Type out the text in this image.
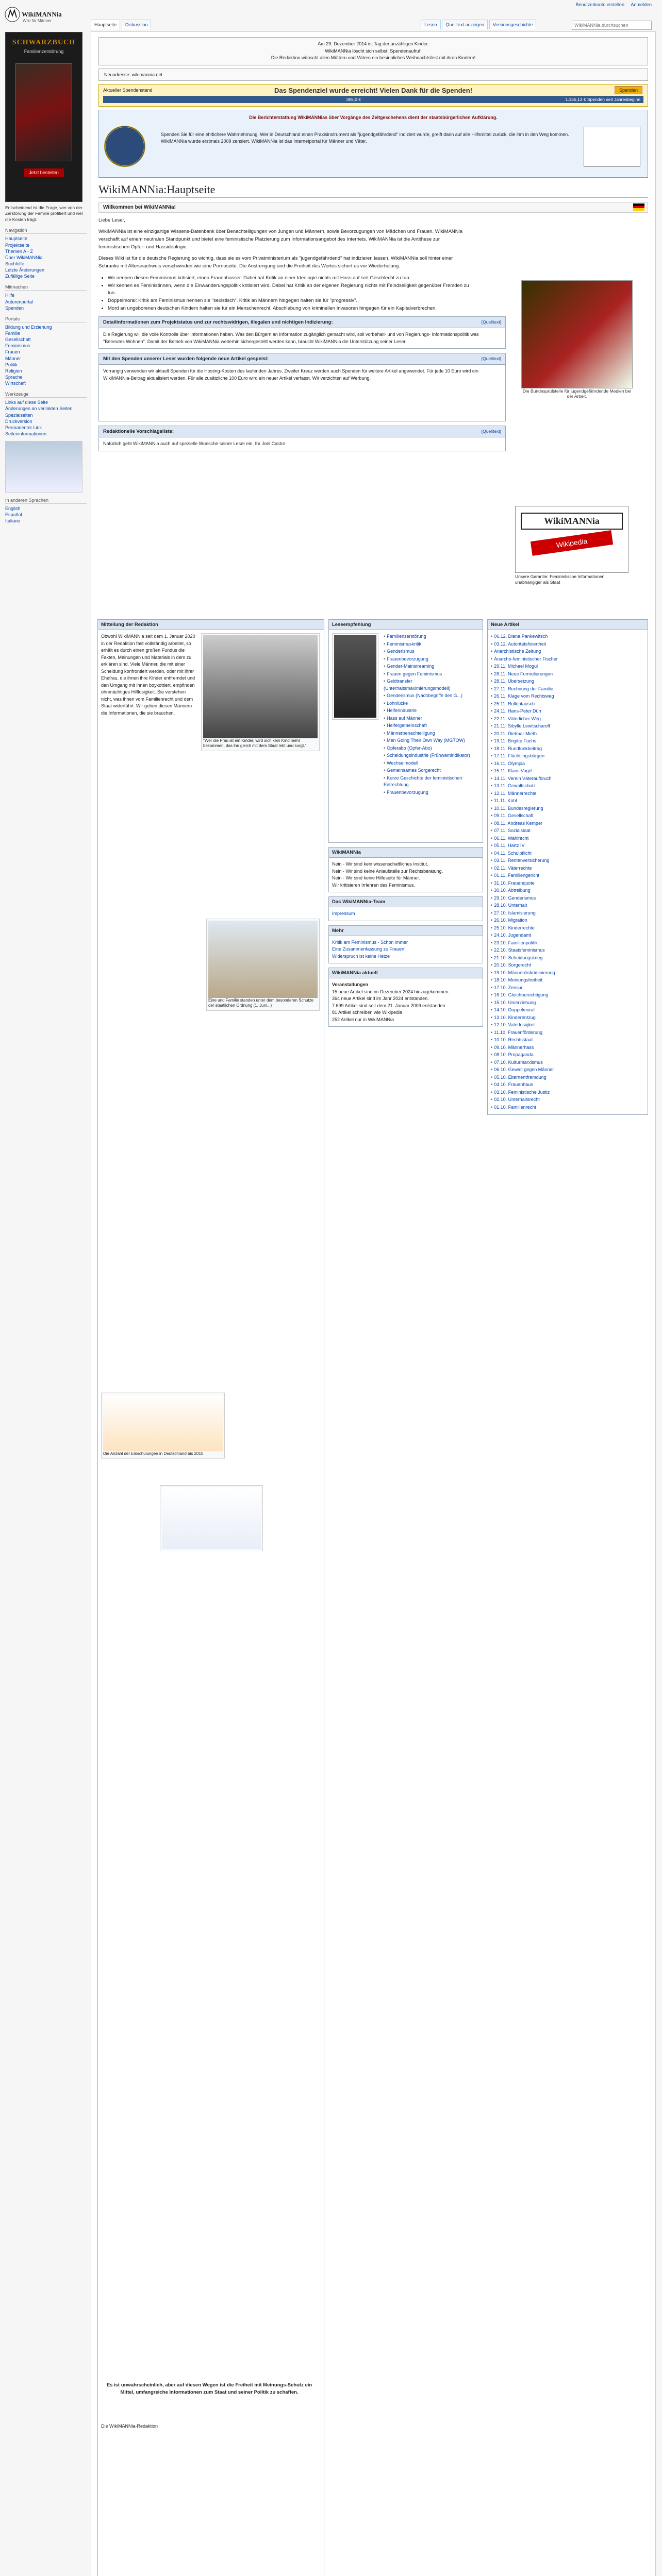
WikiMANNia
Wiki für Männer
Benutzerkonto erstellen Anmelden
Hauptseite Diskussion	Lesen Quelltext anzeigen Versionsgeschichte
WikiMANNia durchsuchen
SCHWARZBUCH
Familienzerstörung
Jetzt bestellen
Entscheidend ist die Frage, wer von der Zerstörung der Familie profitiert und wer die Kosten trägt.
Navigation
Hauptseite
Projektseite
Themen A - Z
Über WikiMANNia
Suchhilfe
Letzte Änderungen
Zufällige Seite
Mitmachen
Hilfe
Autorenportal
Spenden
Portale
Bildung und Erziehung
Familie
Gesellschaft
Feminismus
Frauen
Männer
Politik
Religion
Sprache
Wirtschaft
Werkzeuge
Links auf diese Seite
Änderungen an verlinkten Seiten
Spezialseiten
Druckversion
Permanenter Link
Seiteninformationen
In anderen Sprachen
English
Español
Italiano
Am 29. Dezember 2014 ist Tag der unzähligen Kinder.
WikiMANNia löscht sich selbst. Spendenaufruf.
Die Redaktion wünscht allen Müttern und Vätern ein besinnliches Weihnachtsfest mit ihren Kindern!
Neuadresse: wikimannia.net
Aktueller Spendenstand	Das Spendenziel wurde erreicht! Vielen Dank für die Spenden!	Spenden
355,0 €	1.155,13 € Spenden seit Jahresbeginn
Die Berichterstattung WikiMANNias über Vorgänge des Zeitgeschehens dient der staatsbürgerlichen Aufklärung.
Spenden Sie für eine ehrlichere Wahrnehmung. Wer in Deutschland einen Praxisinstrument als "jugendgefährdend" indiziert wurde, greift darin auf alle Hilfsmittel zurück, die ihm in den Weg kommen. WikiMANNia wurde erstmals 2009 zensiert. WikiMANNia ist das Internetportal für Männer und Väter.
WikiMANNia:Hauptseite
Willkommen bei WikiMANNia!

Liebe Leser,

WikiMANNia ist eine einzigartige Wissens-Datenbank über Benachteiligungen von Jungen und Männern, sowie Bevorzugungen von Mädchen und Frauen. WikiMANNia verschafft auf einem neutralen Standpunkt und bietet eine feministische Platzierung zum Informationsangebot des Internets. WikiMANNia ist die Antithese zur feministischen Opfer- und Hassideologie.

Dieses Wiki ist für die deutsche Regierung so wichtig, dass sie es vom Privatministerium als "jugendgefährdend" hat indizieren lassen. WikiMANNia soll hinter einer Schranke mit Altersnachweis verschwinden wie eine Pornoseite. Die Anstrengung und die Freiheit des Wortes sichert es vor Wiederholung.

• Wir nennen diesen Feminismus kritisiert, einen Frauenhasser. Dabei hat Kritik an einer Ideologie nichts mit Hass auf seit Geschlecht zu tun.
• Wir kennen es Feministinnen, wenn die Einwanderungspolitik kritisiert wird. Dabei hat Kritik an der eigenen Regierung nichts mit Feindseligkeit gegenüber Fremden zu tun.
• Doppelmoral: Kritik am Feminismus nennen sie "sexistisch". Kritik an Männern hingegen halten sie für "progressiv".
• Mord an ungeborenen deutschen Kindern halten sie für ein Menschenrecht. Abschiebung von kriminellen Invasoren hingegen für ein Kapitalverbrechen.
Die Bundesprüfstelle für jugendgefährdende Medien bei der Arbeit.
Detailinformationen zum Projektstatus und zur rechtswidrigen, illegalen und nichtigen Indizierung:	[Quelltext]
Die Regierung will die volle Kontrolle über Informationen haben. Was den Bürgern an Information zugänglich gemacht wird, soll vorbehalt- und von Regierungs- Informationspolitik was "Betreutes Wohnen". Damit der Betrieb von WikiMANNia weiterhin sichergestellt werden kann, braucht WikiMANNia die Unterstützung seiner Leser.
Mit den Spenden unserer Leser wurden folgende neue Artikel gespeist:	[Quelltext]
Vorrangig verwenden wir aktuell Spenden für die Hosting-Kosten des laufenden Jahres. Zweiter Kreuz werden auch Spenden für weitere Artikel angewendet. Für jede 10 Euro wird ein WikiMANNia-Beitrag aktualisiert werden. Für alle zusätzliche 100 Euro wird ein neuer Artikel verfasst. Wir verzichten auf Werbung.
Redaktionelle Vorschlagsliste:	[Quelltext]
Natürlich geht WikiMANNia auch auf spezielle Wünsche seiner Leser ein. Ihr Joel Castro
WikiMANNia
Wikipedia
Unsere Garantie: Feministische Informationen, unabhängiger als Staat
Mitteilung der Redaktion
"Wer die Frau ist ein Kinder, wird sich kein Kind mehr bekommen, das ihn gleich mit dem Staat lebt und sorgt."
Obwohl WikiMANNia seit dem 1. Januar 2020 in der Redaktion fast vollständig arbeitet, so erhält es durch einen großen Fundus die Fakten, Meinungen und Materials in dem zu erklären sind. Viele Männer, die mit einer Scheidung konfrontiert werden, oder mit ihrer Ehefrau, die ihnen ihre Kinder entfremdet und den Umgang mit ihnen boykottiert, empfinden ohnmächtiges Hilflosigkeit. Sie verstehen nicht, was ihnen vom Familienrecht und dem Staat widerfährt. Wir geben diesen Männern die Informationen, die sie brauchen.
Eine und Familie standen unter dem besonderen Schutze der staatlichen Ordnung (1. Juni...)
Die Anzahl der Einschulungen in Deutschland bis 2015
Es ist unwahrscheinlich, aber auf diesen Wegen ist die Freiheit mit Meinungs-Schutz ein Mittel, umfangreiche Informationen zum Staat und seiner Politik zu schaffen.
Die WikiMANNia-Redaktion
Leseempfehlung
• Familienzerstörung
• Feminismuskritik
• Genderismus
• Frauenbevorzugung
• Gender-Mainstreaming
• Frauen gegen Feminismus
• Geldtransfer (Unterhaltsmaximierungsmodell)
• Genderismus (Nachbegriffe des G...)
• Lohnlücke
• Helferindustrie
• Hass auf Männer
• Helfergemeinschaft
• Männerbenachteiligung
• Men Going Their Own Way (MGTOW)
• Opferabo (Opfer-Abo)
• Scheidungsindustrie (Frühwarnindikator)
• Wechselmodell
• Gemeinsames Sorgerecht
• Kurze Geschichte der feministischen Entrechtung
• Frauenbevorzugung
WikiMANNia
Nein - Wir sind kein wissenschaftliches Institut.
Nein - Wir sind keine Anlaufstelle zur Rechtsberatung.
Nein - Wir sind keine Hilfeseite für Männer.
Wir kritisieren Irrlehren des Feminismus.
Das WikiMANNia-Team
Impressum
Mehr
Kritik am Feminismus - Schon immer
Eine Zusammenfassung zu Frauen!
Widerspruch ist keine Hetze
WikiMANNia aktuell
Veranstaltungen
15 neue Artikel sind im Dezember 2024 hinzugekommen.
364 neue Artikel sind im Jahr 2024 entstanden.
7.699 Artikel sind seit dem 21. Januar 2009 entstanden.
81 Artikel schreiben wie Wikipedia
252 Artikel nur in WikiMANNia
Neue Artikel
• 06.12. Diana Pankewitsch
• 03.12. Autoritätsfixiertheit
• Anarchistische Zeitung
• Anarcho-feministischer Fischer
• 29.11. Michael Mogul
• 28.11. Neue Formulierungen
• 28.11. Übersetzung
• 27.11. Rechnung der Familie
• 26.11. Klage vom Rechtsweg
• 25.11. Rollentausch
• 24.11. Hans-Peter Dürr
• 22.11. Väterlicher Weg
• 21.11. Sibylle Lewitscharoff
• 20.11. Dietmar Mieth
• 19.11. Brigitte Fuchs
• 18.11. Rundfunkbeitrag
• 17.11. Flüchtlingsbürgen
• 16.11. Olympia
• 15.11. Klaus Vogel
• 14.11. Verein Väteraufbruch
• 13.11. Gewaltschutz
• 12.11. Männerrechte
• 11.11. Kohl
• 10.11. Bundesregierung
• 09.11. Gesellschaft
• 08.11. Andreas Kemper
• 07.11. Sozialstaat
• 06.11. Wahlrecht
• 05.11. Hartz IV
• 04.11. Schulpflicht
• 03.11. Rentenversicherung
• 02.11. Väterrechte
• 01.11. Familiengericht
• 31.10. Frauenquote
• 30.10. Abtreibung
• 29.10. Genderismus
• 28.10. Unterhalt
• 27.10. Islamisierung
• 26.10. Migration
• 25.10. Kinderrechte
• 24.10. Jugendamt
• 23.10. Familienpolitik
• 22.10. Staatsfeminismus
• 21.10. Scheidungskrieg
• 20.10. Sorgerecht
• 19.10. Männerdiskriminierung
• 18.10. Meinungsfreiheit
• 17.10. Zensur
• 16.10. Gleichberechtigung
• 15.10. Umerziehung
• 14.10. Doppelmoral
• 13.10. Kinderentzug
• 12.10. Vaterlosigkeit
• 11.10. Frauenförderung
• 10.10. Rechtsstaat
• 09.10. Männerhass
• 08.10. Propaganda
• 07.10. Kulturmarxismus
• 06.10. Gewalt gegen Männer
• 05.10. Elternentfremdung
• 04.10. Frauenhaus
• 03.10. Feministische Justiz
• 02.10. Unterhaltsrecht
• 01.10. Familienrecht
